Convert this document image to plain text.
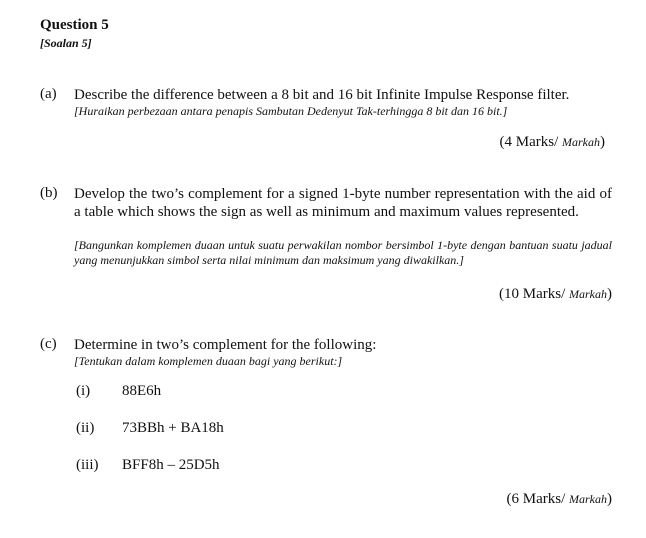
Question 5
[Soalan 5]
(a) Describe the difference between a 8 bit and 16 bit Infinite Impulse Response filter.
[Huraikan perbezaan antara penapis Sambutan Dedenyut Tak-terhingga 8 bit dan 16 bit.]
(4 Marks/ Markah)
(b) Develop the two’s complement for a signed 1-byte number representation with the aid of a table which shows the sign as well as minimum and maximum values represented.
[Bangunkan komplemen duaan untuk suatu perwakilan nombor bersimbol 1-byte dengan bantuan suatu jadual yang menunjukkan simbol serta nilai minimum dan maksimum yang diwakilkan.]
(10 Marks/ Markah)
(c) Determine in two’s complement for the following:
[Tentukan dalam komplemen duaan bagi yang berikut:]
(i) 88E6h
(ii) 73BBh + BA18h
(iii) BFF8h – 25D5h
(6 Marks/ Markah)
